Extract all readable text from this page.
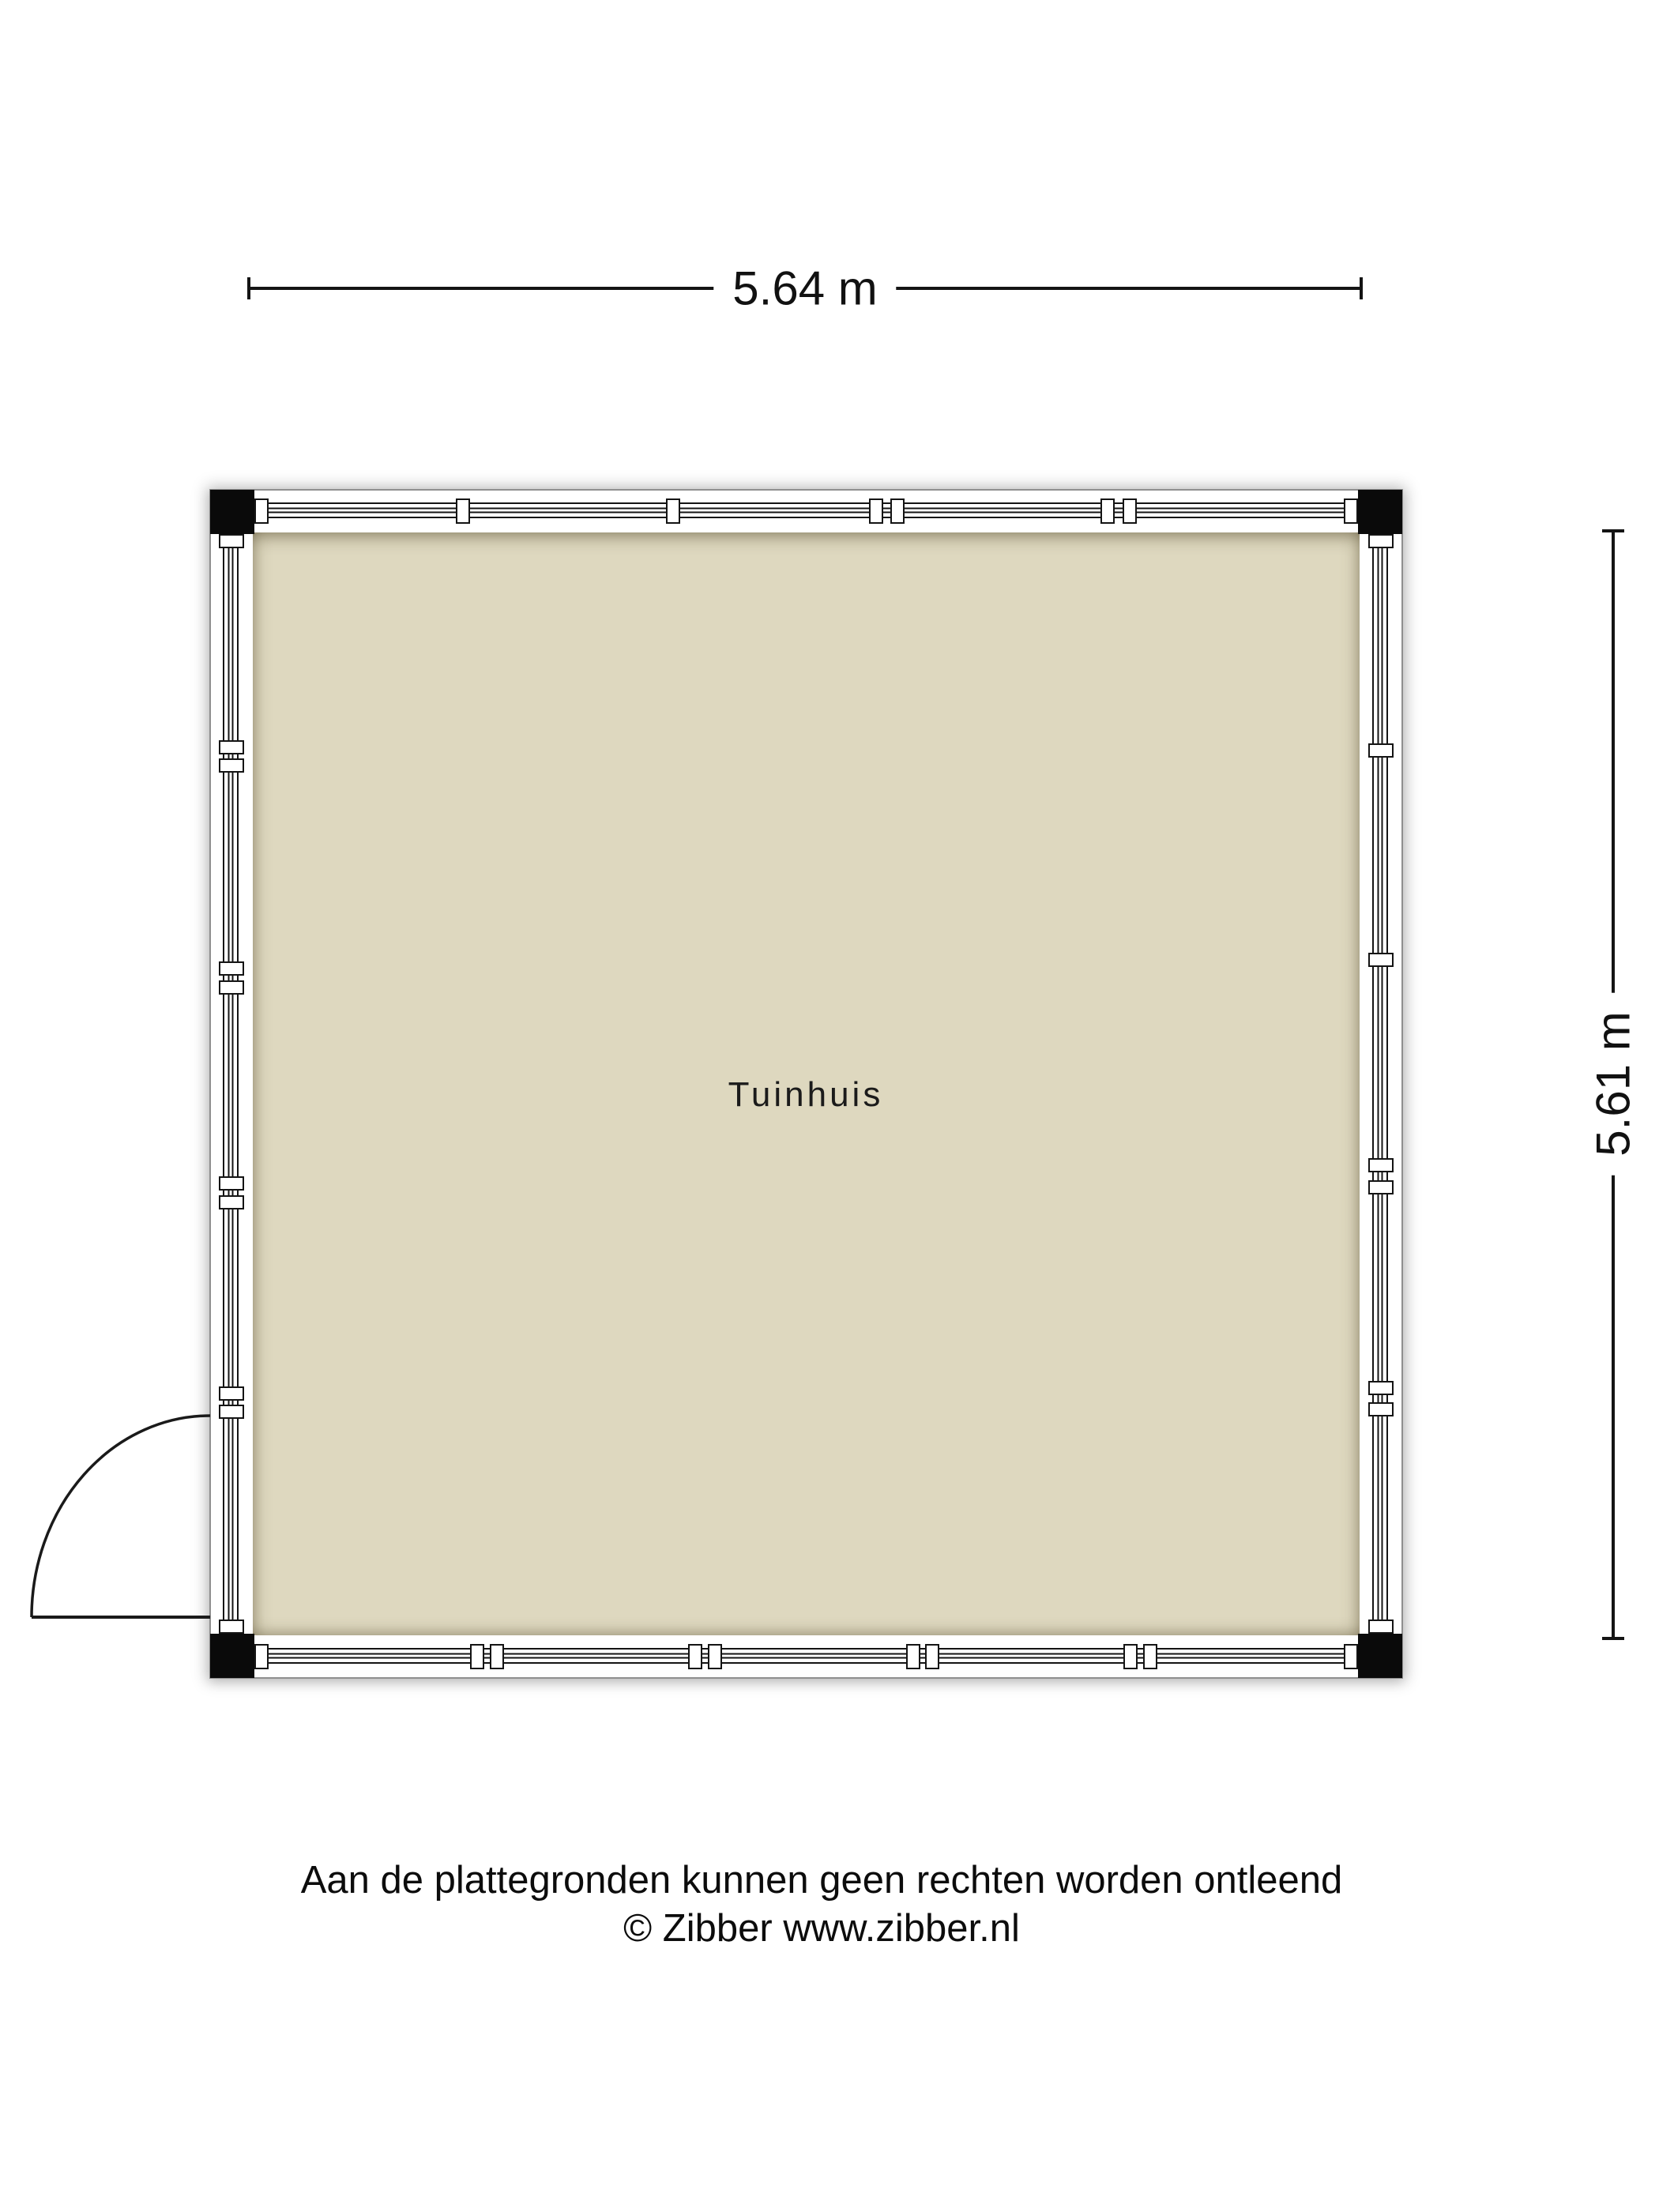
5.64 m
5.61 m
Tuinhuis
Aan de plattegronden kunnen geen rechten worden ontleend
© Zibber www.zibber.nl
